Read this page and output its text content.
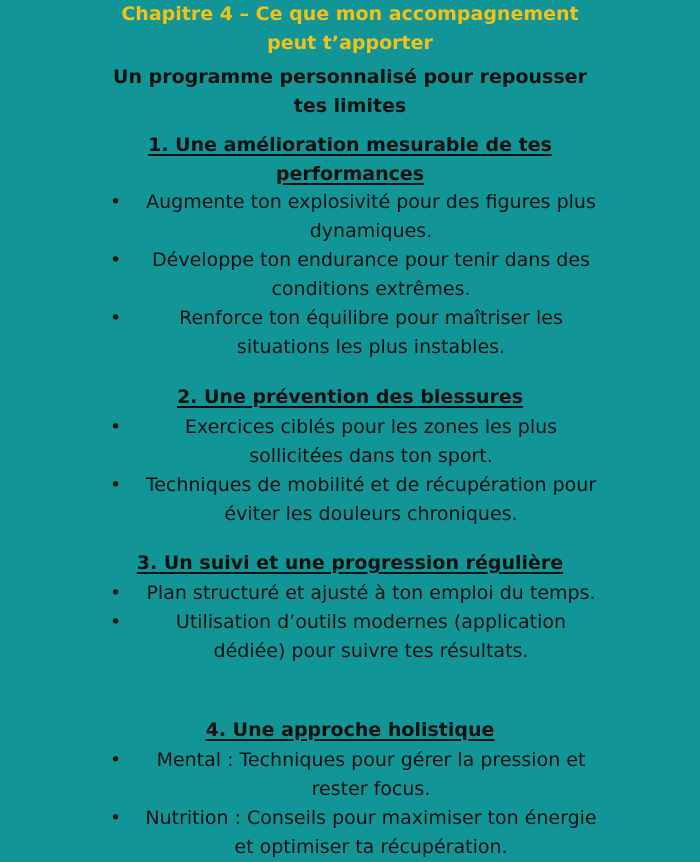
Chapitre 4 – Ce que mon accompagnement peut t’apporter
Un programme personnalisé pour repousser tes limites
1. Une amélioration mesurable de tes performances
•	Augmente ton explosivité pour des figures plus dynamiques.
•	Développe ton endurance pour tenir dans des conditions extrêmes.
•	Renforce ton équilibre pour maîtriser les situations les plus instables.
2. Une prévention des blessures
•	Exercices ciblés pour les zones les plus sollicitées dans ton sport.
•	Techniques de mobilité et de récupération pour éviter les douleurs chroniques.
3. Un suivi et une progression régulière
•	Plan structuré et ajusté à ton emploi du temps.
•	Utilisation d’outils modernes (application dédiée) pour suivre tes résultats.
4. Une approche holistique
•	Mental : Techniques pour gérer la pression et rester focus.
•	Nutrition : Conseils pour maximiser ton énergie et optimiser ta récupération.
